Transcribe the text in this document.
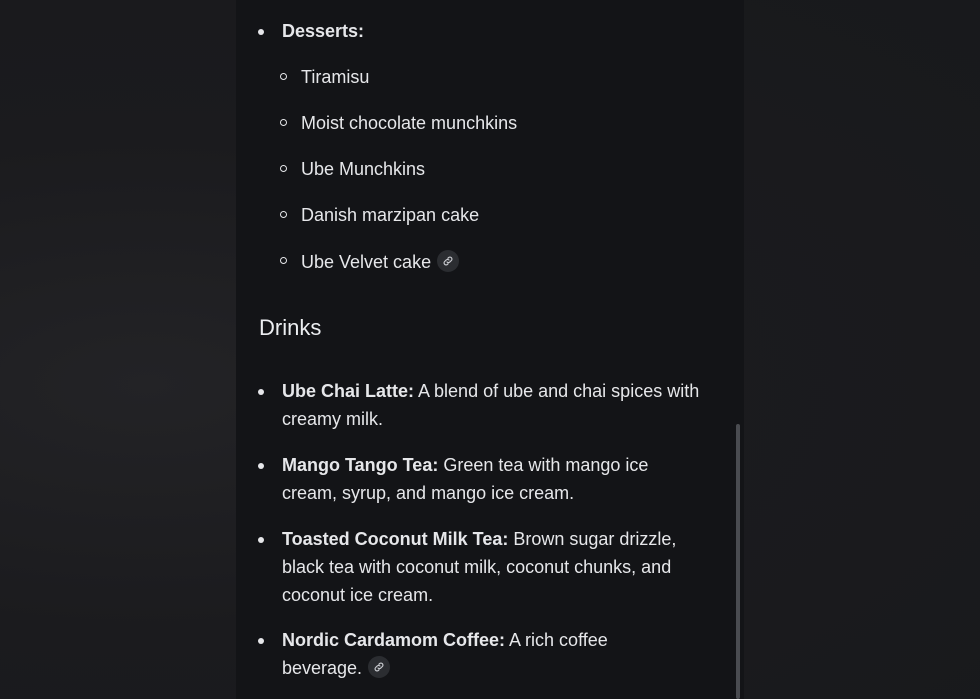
Desserts:
Tiramisu
Moist chocolate munchkins
Ube Munchkins
Danish marzipan cake
Ube Velvet cake
Drinks
Ube Chai Latte: A blend of ube and chai spices with
creamy milk.
Mango Tango Tea: Green tea with mango ice
cream, syrup, and mango ice cream.
Toasted Coconut Milk Tea: Brown sugar drizzle,
black tea with coconut milk, coconut chunks, and
coconut ice cream.
Nordic Cardamom Coffee: A rich coffee
beverage.
